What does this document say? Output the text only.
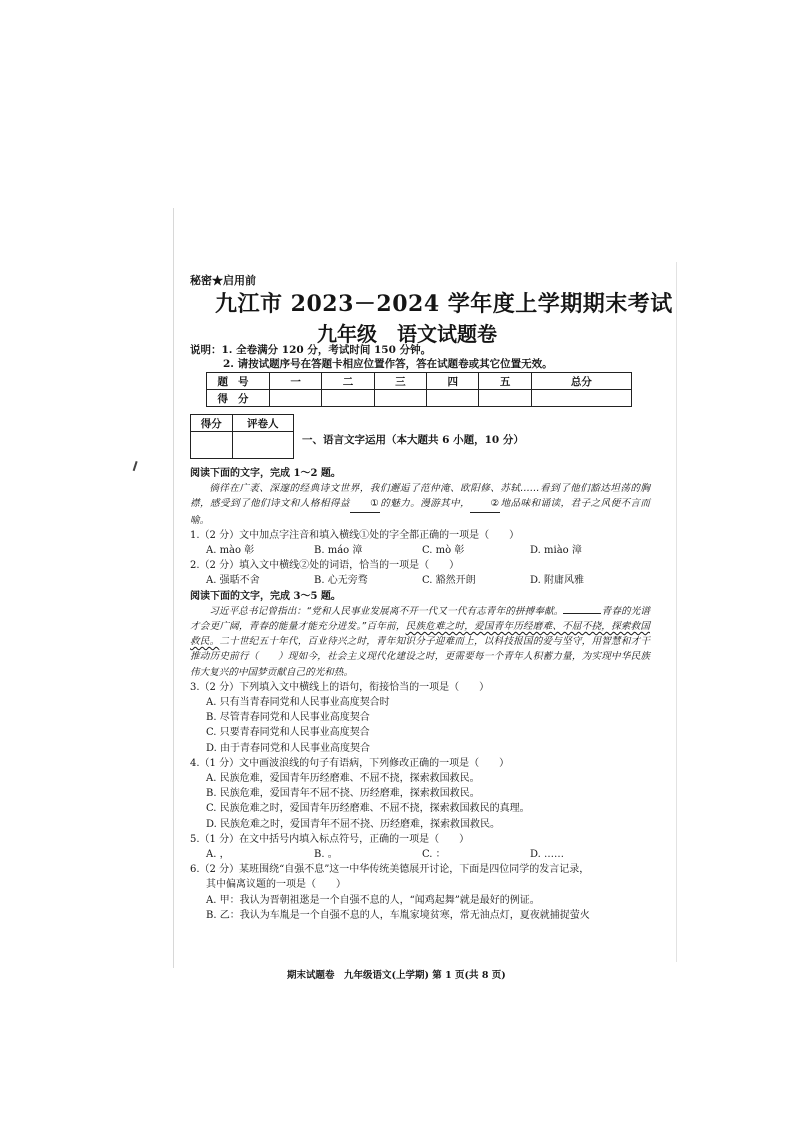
秘密★启用前
九江市 2023－2024 学年度上学期期末考试
九年级　语文试题卷
说明：1. 全卷满分 120 分，考试时间 150 分钟。
2. 请按试题序号在答题卡相应位置作答，答在试题卷或其它位置无效。
题号	一	二	三	四	五	总分
得分						
得分	评卷人

一、语言文字运用（本大题共 6 小题，10 分）
阅读下面的文字，完成 1～2 题。
徜徉在广袤、深邃的经典诗文世界，我们邂逅了范仲淹、欧阳修、苏轼……看到了他们豁达坦荡的胸襟，感受到了他们诗文和人格相得益 ①的魅力。漫游其中， ②地品味和诵读，君子之风便不言而喻。
1.（2 分）文中加点字注音和填入横线①处的字全都正确的一项是（　　）
A. mào 彰	B. máo 漳	C. mò 彰	D. miào 漳
2.（2 分）填入文中横线②处的词语，恰当的一项是（　　）
A. 强聒不舍	B. 心无旁骛	C. 豁然开朗	D. 附庸风雅
阅读下面的文字，完成 3～5 题。
习近平总书记曾指出：“党和人民事业发展离不开一代又一代有志青年的拼搏奉献。	青春的光谱才会更广阔，青春的能量才能充分迸发。”百年前，民族危难之时，爱国青年历经磨难、不屈不挠，探索救国救民。二十世纪五十年代，百业待兴之时，青年知识分子迎难而上，以科技报国的爱与坚守，用智慧和才干推动历史前行（　　）现如今，社会主义现代化建设之时，更需要每一个青年人积蓄力量，为实现中华民族伟大复兴的中国梦贡献自己的光和热。
3.（2 分）下列填入文中横线上的语句，衔接恰当的一项是（　　）
A. 只有当青春同党和人民事业高度契合时
B. 尽管青春同党和人民事业高度契合
C. 只要青春同党和人民事业高度契合
D. 由于青春同党和人民事业高度契合
4.（1 分）文中画波浪线的句子有语病，下列修改正确的一项是（　　）
A. 民族危难，爱国青年历经磨难、不屈不挠，探索救国救民。
B. 民族危难，爱国青年不屈不挠、历经磨难，探索救国救民。
C. 民族危难之时，爱国青年历经磨难、不屈不挠，探索救国救民的真理。
D. 民族危难之时，爱国青年不屈不挠、历经磨难，探索救国救民。
5.（1 分）在文中括号内填入标点符号，正确的一项是（　　）
A. ，	B. 。	C. ：	D. ……
6.（2 分）某班围绕“自强不息”这一中华传统美德展开讨论，下面是四位同学的发言记录，
其中偏离议题的一项是（　　）
A. 甲：我认为晋朝祖逖是一个自强不息的人，“闻鸡起舞”就是最好的例证。
B. 乙：我认为车胤是一个自强不息的人，车胤家境贫寒，常无油点灯，夏夜就捕捉萤火
期末试题卷　九年级语文(上学期) 第 1 页(共 8 页)
